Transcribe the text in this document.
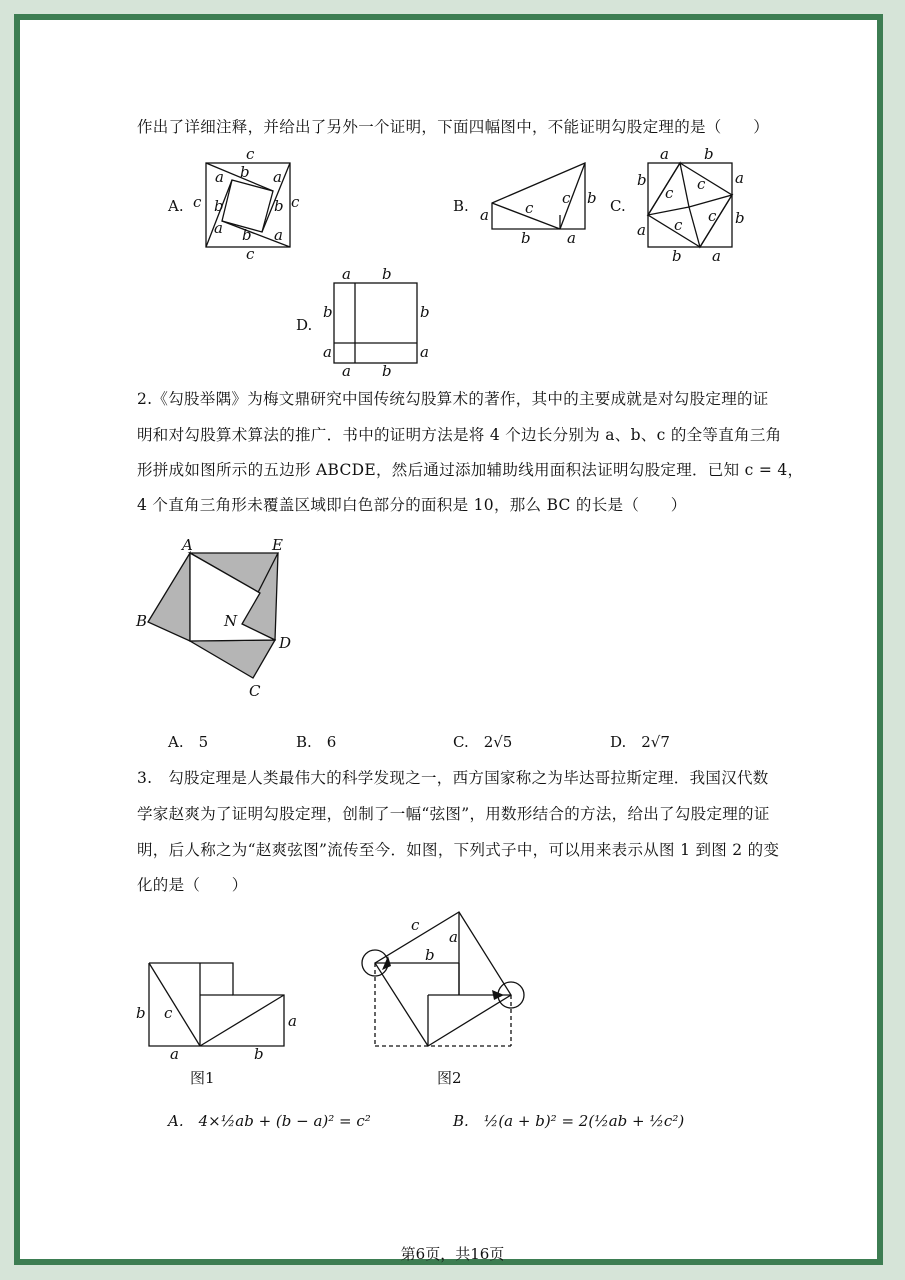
作出了详细注释，并给出了另外一个证明，下面四幅图中，不能证明勾股定理的是（　　）
A.	B.	C.
D.
c
b
a	a
c b	b c
a b a
c
a c
c b
b a
a b
b	a
c c
c c
a
b
b a
a b
b	b
a	a
a b
2.《勾股举隅》为梅文鼎研究中国传统勾股算术的著作，其中的主要成就是对勾股定理的证
明和对勾股算术算法的推广．书中的证明方法是将 4 个边长分别为 a、b、c 的全等直角三角
形拼成如图所示的五边形 ABCDE，然后通过添加辅助线用面积法证明勾股定理．已知 c = 4，
4 个直角三角形未覆盖区域即白色部分的面积是 10，那么 BC 的长是（　　）
A	E
B	N
D
C
A.　5	B.　6	C.　2√5	D.　2√7
3.　勾股定理是人类最伟大的科学发现之一，西方国家称之为毕达哥拉斯定理．我国汉代数
学家赵爽为了证明勾股定理，创制了一幅“弦图”，用数形结合的方法，给出了勾股定理的证
明，后人称之为“赵爽弦图”流传至今．如图，下列式子中，可以用来表示从图 1 到图 2 的变
化的是（　　）
b c	a
a	b
c
a
b
图1	图2
A.　4×½ab + (b − a)² = c²	B.　½(a + b)² = 2(½ab + ½c²)
第6页，共16页
